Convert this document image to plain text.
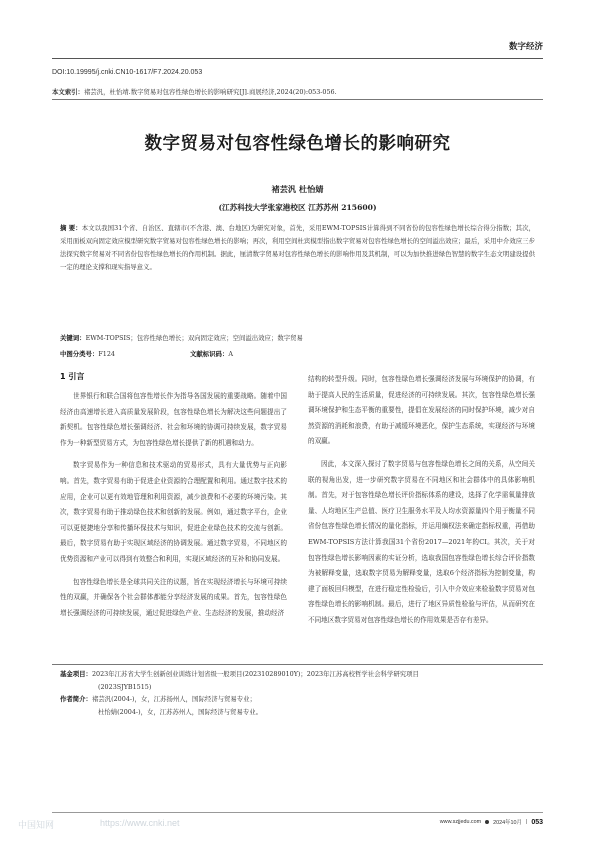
数字经济
DOI:10.19995/j.cnki.CN10-1617/F7.2024.20.053
本文索引：褚芸汎，杜怡靖.数字贸易对包容性绿色增长的影响研究[J].商展经济,2024(20):053-056.
数字贸易对包容性绿色增长的影响研究
褚芸汎 杜怡婧
(江苏科技大学张家港校区 江苏苏州 215600)
摘 要：本文以我国31个省、自治区、直辖市(不含港、澳、台地区)为研究对象，首先，采用EWM-TOPSIS计算得到不同省份的包容性绿色增长综合得分指数；其次，采用面板双向固定效应模型研究数字贸易对包容性绿色增长的影响；再次，利用空间杜宾模型指出数字贸易对包容性绿色增长的空间溢出效应；最后，采用中介效应三步法探究数字贸易对不同省份包容性绿色增长的作用机制。据此，厘清数字贸易对包容性绿色增长的影响作用及其机制，可以为加快推进绿色智慧的数字生态文明建设提供一定的理论支撑和现实指导意义。
关键词：EWM-TOPSIS；包容性绿色增长；双向固定效应；空间溢出效应；数字贸易
中图分类号：F124	文献标识码：A
1 引言

世界银行和联合国将包容性增长作为指导各国发展的重要战略。随着中国经济由高速增长进入高质量发展阶段，包容性绿色增长为解决这些问题提出了新契机。包容性绿色增长强调经济、社会和环境的协调可持续发展，数字贸易作为一种新型贸易方式，为包容性绿色增长提供了新的机遇和动力。

数字贸易作为一种信息和技术驱动的贸易形式，具有大量优势与正向影响。首先，数字贸易有助于促进企业资源的合理配置和利用。通过数字技术的应用，企业可以更有效地管理和利用资源，减少浪费和不必要的环境污染。其次，数字贸易有助于推动绿色技术和创新的发展。例如，通过数字平台，企业可以更便捷地分享和传播环保技术与知识，促进企业绿色技术的交流与创新。最后，数字贸易有助于实现区域经济的协调发展。通过数字贸易，不同地区的优势资源和产业可以得到有效整合和利用，实现区域经济的互补和协同发展。

包容性绿色增长是全球共同关注的议题，旨在实现经济增长与环境可持续性的双赢，并确保各个社会群体都能分享经济发展的成果。首先，包容性绿色增长强调经济的可持续发展，通过促进绿色产业、生态经济的发展，推动经济

结构的转型升级。同时，包容性绿色增长强调经济发展与环境保护的协调，有助于提高人民的生活质量，促进经济的可持续发展。其次，包容性绿色增长强调环境保护和生态平衡的重要性，提倡在发展经济的同时保护环境，减少对自然资源的消耗和浪费，有助于减缓环境恶化，保护生态系统，实现经济与环境的双赢。

因此，本文深入探讨了数字贸易与包容性绿色增长之间的关系，从空间关联的视角出发，进一步研究数字贸易在不同地区和社会群体中的具体影响机制。首先，对于包容性绿色增长评价指标体系的建设，选择了化学需氧量排放量、人均地区生产总值、医疗卫生服务水平及人均水资源量四个用于衡量不同省份包容性绿色增长情况的量化指标，并运用熵权法来确定指标权重，再借助EWM-TOPSIS方法计算我国31个省份2017—2021年的CI。其次，关于对包容性绿色增长影响因素的实证分析，选取我国包容性绿色增长综合评价指数为被解释变量，选取数字贸易为解释变量，选取6个经济指标为控制变量，构建了面板回归模型，在进行稳定性检验后，引入中介效应来检验数字贸易对包容性绿色增长的影响机制。最后，进行了地区异质性检验与评估，从而研究在不同地区数字贸易对包容性绿色增长的作用效果是否存有差异。

基金项目：2023年江苏省大学生创新创业训练计划省级一般项目(202310289010Y)；2023年江苏高校哲学社会科学研究项目
(2023SJYB1515)
作者简介：褚芸汎(2004-)，女，江苏扬州人，国际经济与贸易专业；
杜怡婧(2004-)，女，江苏苏州人，国际经济与贸易专业。
www.szjjedu.com 2024年10月 | 053
中国知网	https://www.cnki.net
